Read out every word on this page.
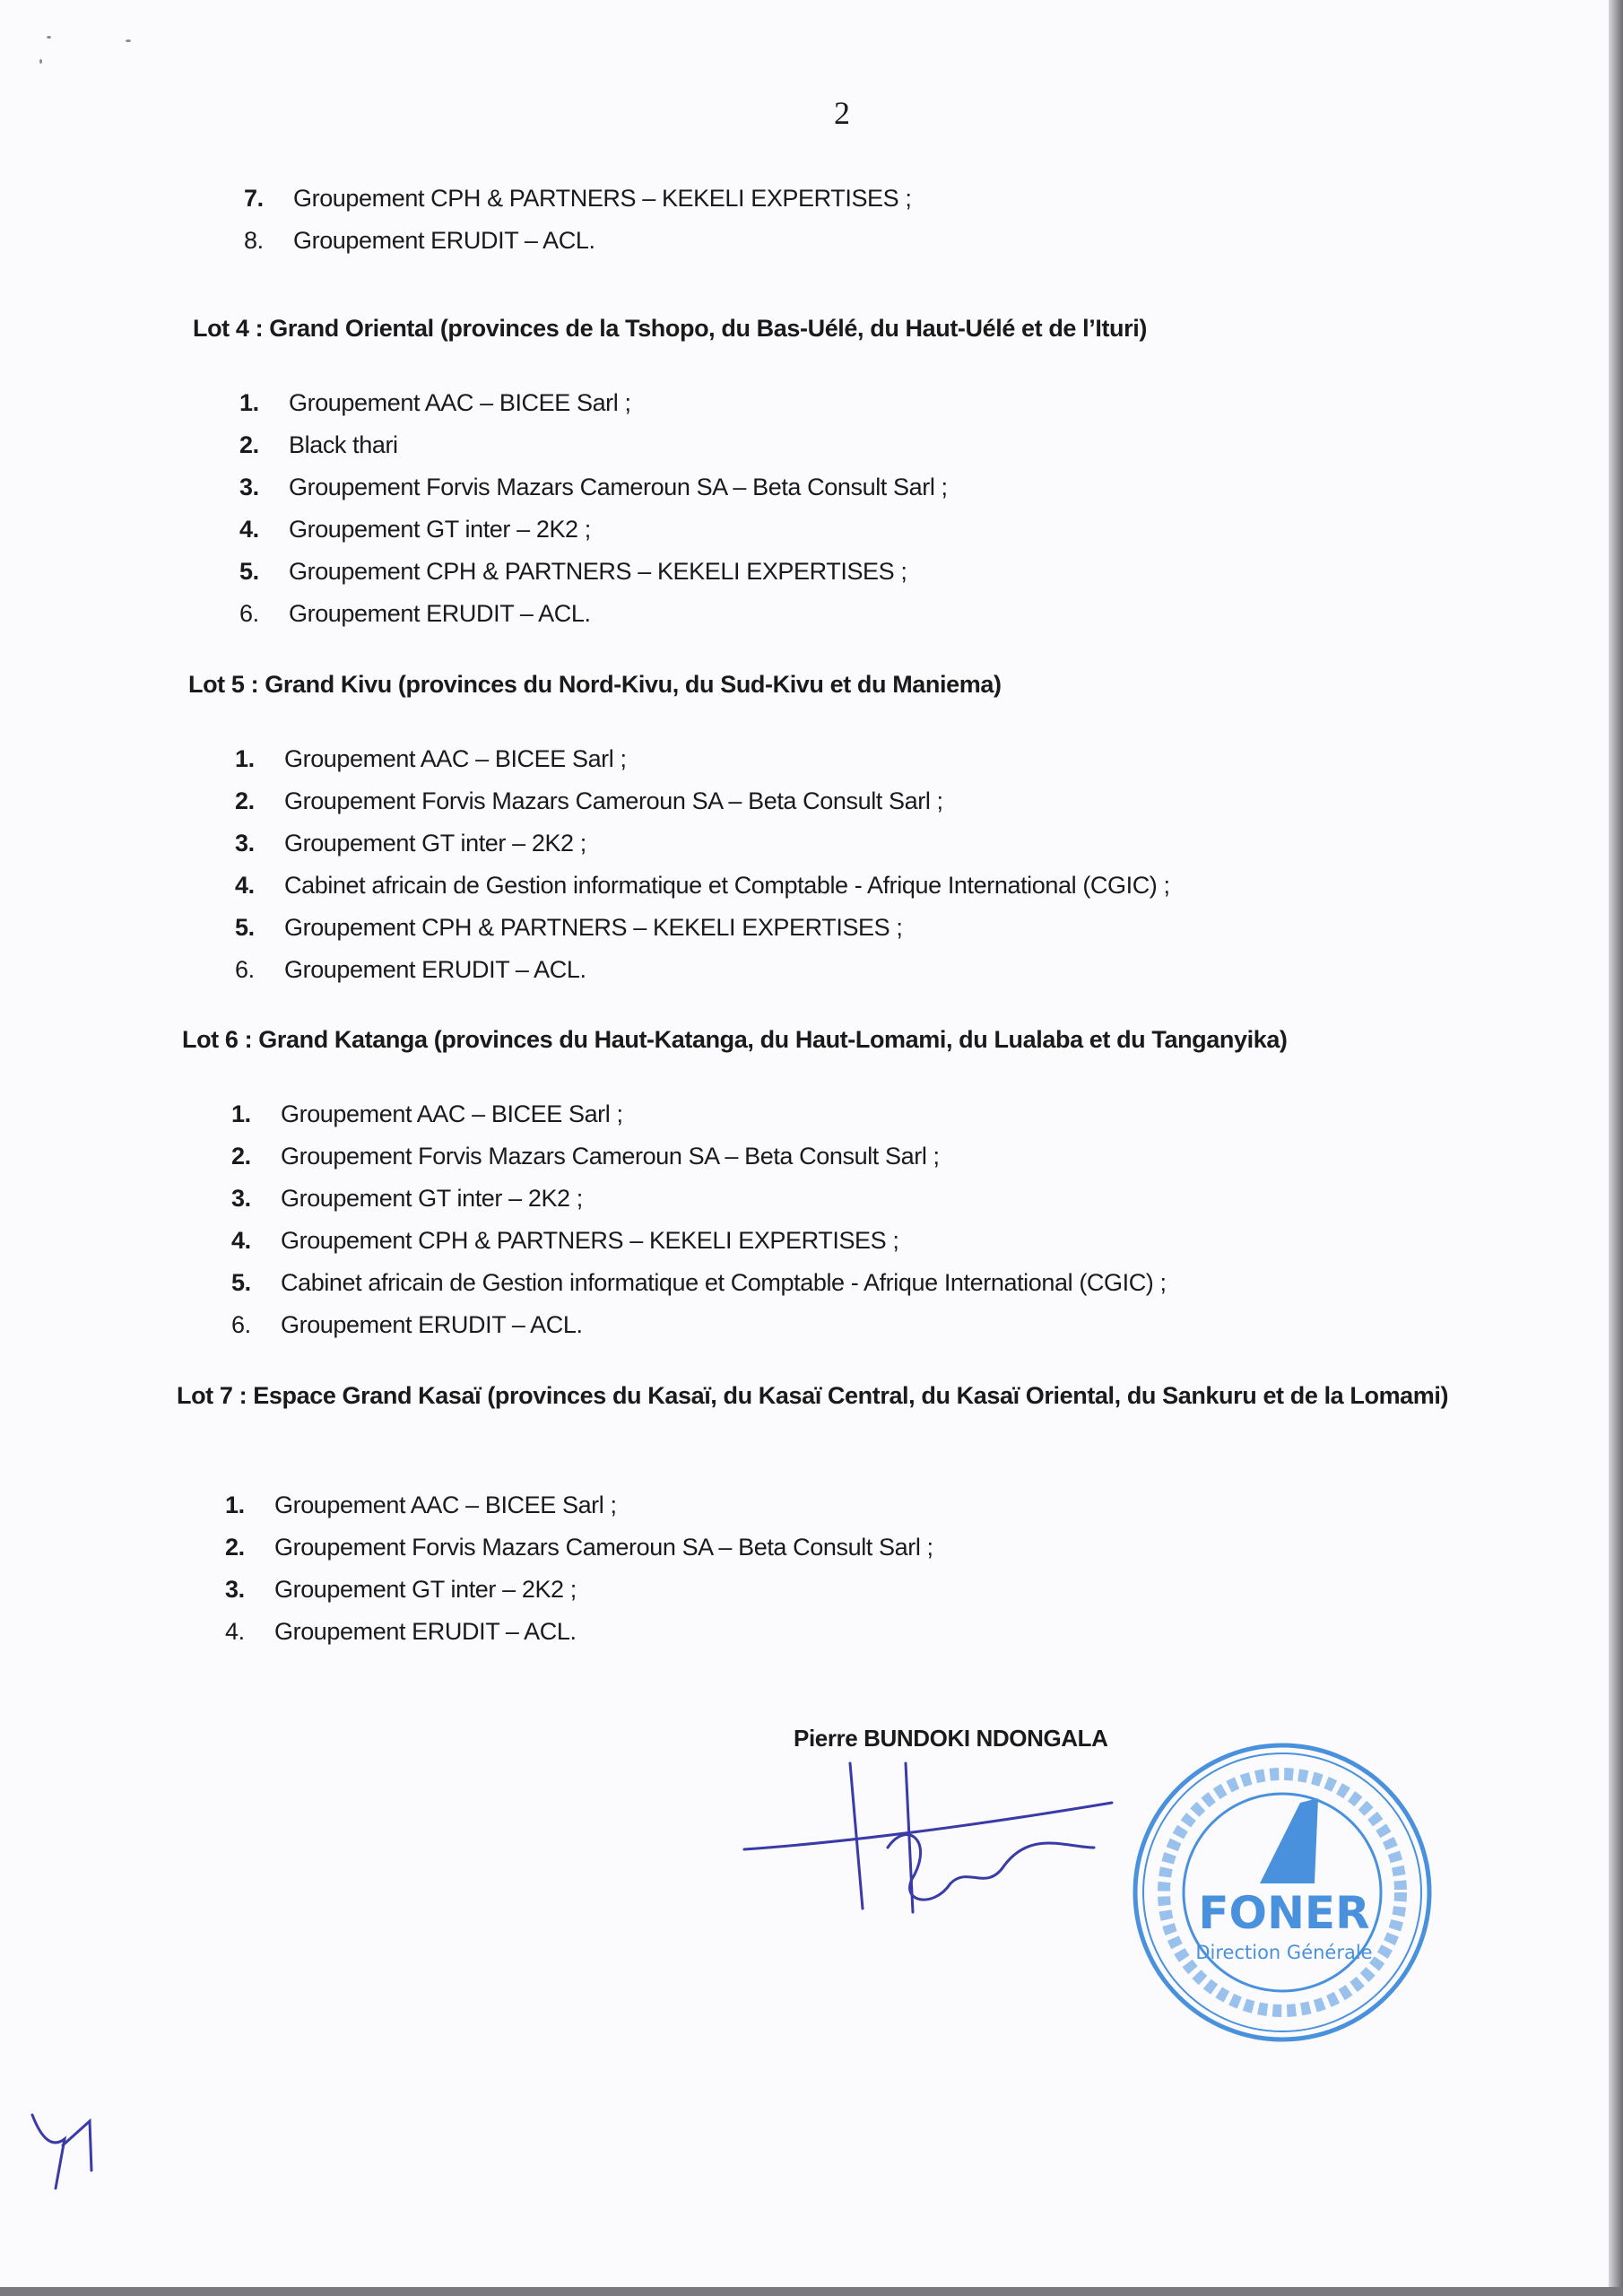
2
7.	Groupement CPH & PARTNERS – KEKELI EXPERTISES ;
8.	Groupement ERUDIT – ACL.
Lot 4 : Grand Oriental (provinces de la Tshopo, du Bas-Uélé, du Haut-Uélé et de l’Ituri)
1.	Groupement AAC – BICEE Sarl ;
2.	Black thari
3.	Groupement Forvis Mazars Cameroun SA – Beta Consult Sarl ;
4.	Groupement GT inter – 2K2 ;
5.	Groupement CPH & PARTNERS – KEKELI EXPERTISES ;
6.	Groupement ERUDIT – ACL.
Lot 5 : Grand Kivu (provinces du Nord-Kivu, du Sud-Kivu et du Maniema)
1.	Groupement AAC – BICEE Sarl ;
2.	Groupement Forvis Mazars Cameroun SA – Beta Consult Sarl ;
3.	Groupement GT inter – 2K2 ;
4.	Cabinet africain de Gestion informatique et Comptable - Afrique International (CGIC) ;
5.	Groupement CPH & PARTNERS – KEKELI EXPERTISES ;
6.	Groupement ERUDIT – ACL.
Lot 6 : Grand Katanga (provinces du Haut-Katanga, du Haut-Lomami, du Lualaba et du Tanganyika)
1.	Groupement AAC – BICEE Sarl ;
2.	Groupement Forvis Mazars Cameroun SA – Beta Consult Sarl ;
3.	Groupement GT inter – 2K2 ;
4.	Groupement CPH & PARTNERS – KEKELI EXPERTISES ;
5.	Cabinet africain de Gestion informatique et Comptable - Afrique International (CGIC) ;
6.	Groupement ERUDIT – ACL.
Lot 7 : Espace Grand Kasaï (provinces du Kasaï, du Kasaï Central, du Kasaï Oriental, du Sankuru et de la Lomami)
1.	Groupement AAC – BICEE Sarl ;
2.	Groupement Forvis Mazars Cameroun SA – Beta Consult Sarl ;
3.	Groupement GT inter – 2K2 ;
4.	Groupement ERUDIT – ACL.
Pierre BUNDOKI NDONGALA
FONER
Direction Générale
